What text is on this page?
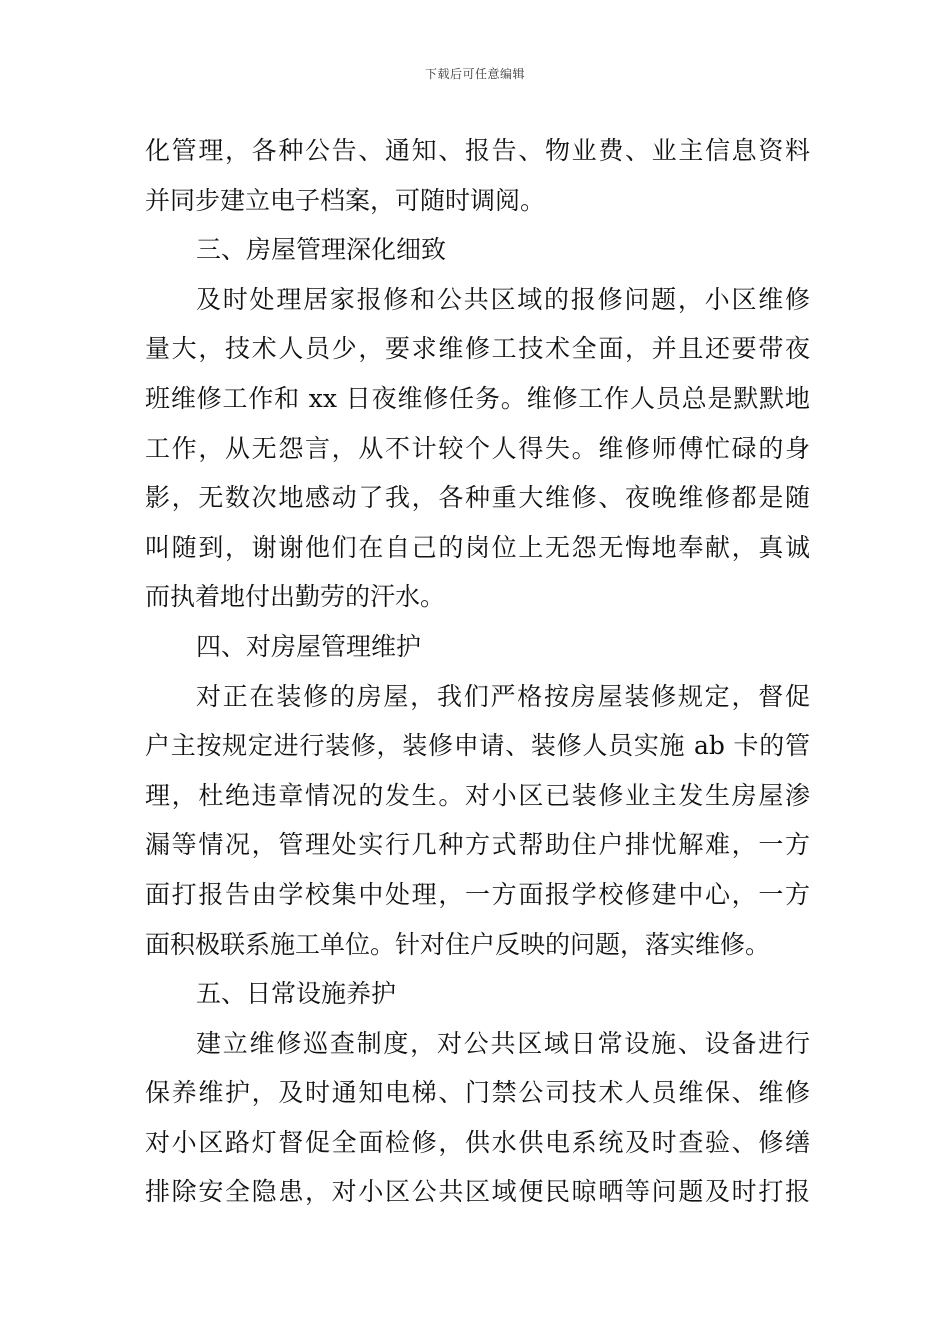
下载后可任意编辑
化管理，各种公告、通知、报告、物业费、业主信息资料
并同步建立电子档案，可随时调阅。
三、房屋管理深化细致
及时处理居家报修和公共区域的报修问题，小区维修
量大，技术人员少，要求维修工技术全面，并且还要带夜
班维修工作和 xx 日夜维修任务。维修工作人员总是默默地
工作，从无怨言，从不计较个人得失。维修师傅忙碌的身
影，无数次地感动了我，各种重大维修、夜晚维修都是随
叫随到，谢谢他们在自己的岗位上无怨无悔地奉献，真诚
而执着地付出勤劳的汗水。
四、对房屋管理维护
对正在装修的房屋，我们严格按房屋装修规定，督促
户主按规定进行装修，装修申请、装修人员实施 ab 卡的管
理，杜绝违章情况的发生。对小区已装修业主发生房屋渗
漏等情况，管理处实行几种方式帮助住户排忧解难，一方
面打报告由学校集中处理，一方面报学校修建中心，一方
面积极联系施工单位。针对住户反映的问题，落实维修。
五、日常设施养护
建立维修巡查制度，对公共区域日常设施、设备进行
保养维护，及时通知电梯、门禁公司技术人员维保、维修
对小区路灯督促全面检修，供水供电系统及时查验、修缮
排除安全隐患，对小区公共区域便民晾晒等问题及时打报
